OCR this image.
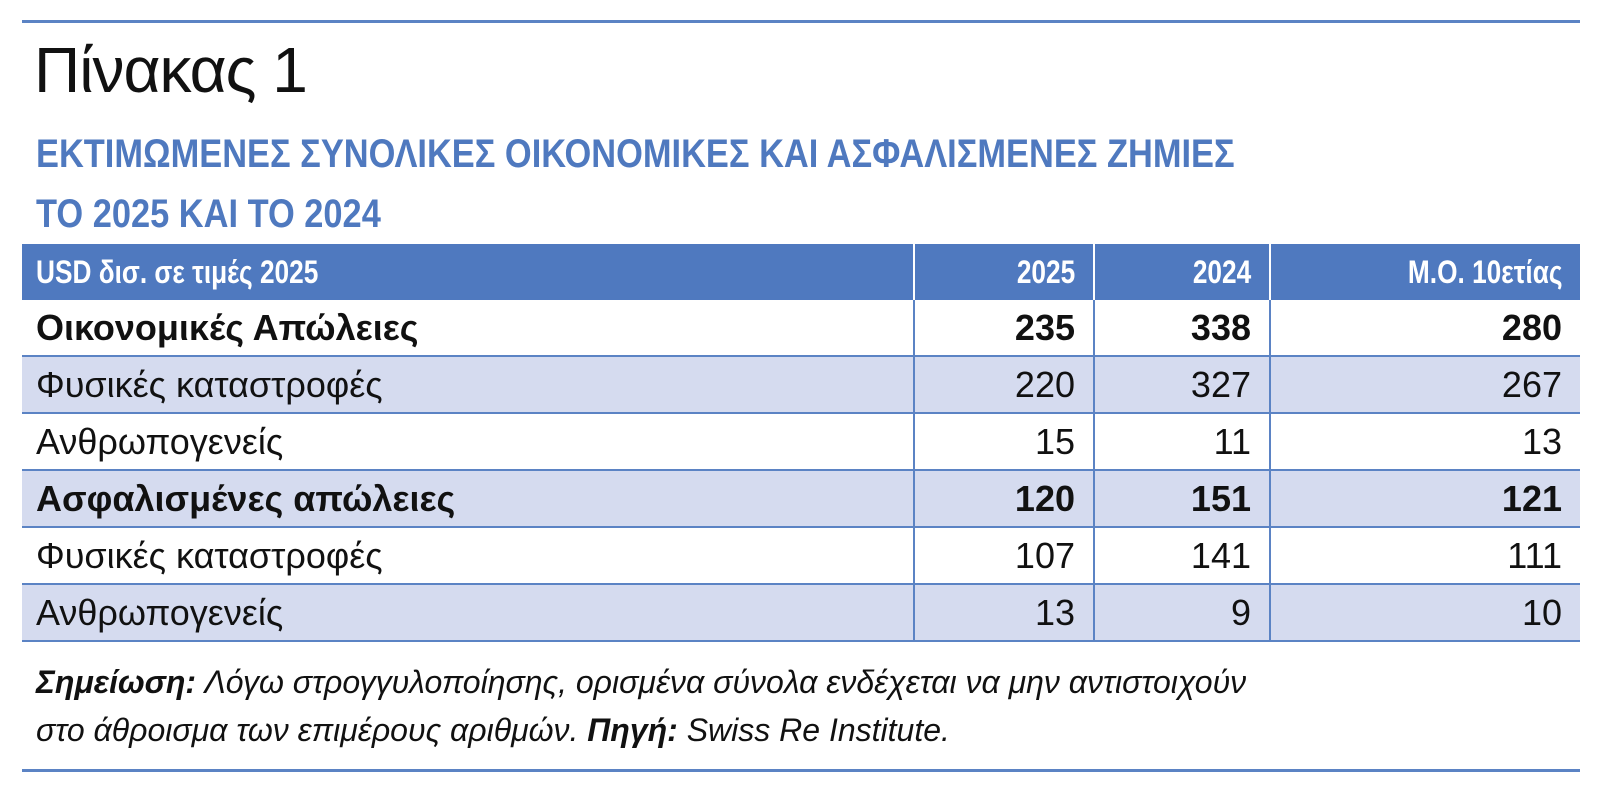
Πίνακας 1
ΕΚΤΙΜΩΜΕΝΕΣ ΣΥΝΟΛΙΚΕΣ ΟΙΚΟΝΟΜΙΚΕΣ ΚΑΙ ΑΣΦΑΛΙΣΜΕΝΕΣ ΖΗΜΙΕΣ
ΤΟ 2025 ΚΑΙ ΤΟ 2024
USD δισ. σε τιμές 2025	2025	2024	Μ.Ο. 10ετίας
Οικονομικές Απώλειες	235	338	280
Φυσικές καταστροφές	220	327	267
Ανθρωπογενείς	15	11	13
Ασφαλισμένες απώλειες	120	151	121
Φυσικές καταστροφές	107	141	111
Ανθρωπογενείς	13	9	10
Σημείωση: Λόγω στρογγυλοποίησης, ορισμένα σύνολα ενδέχεται να μην αντιστοιχούν
στο άθροισμα των επιμέρους αριθμών. Πηγή: Swiss Re Institute.
